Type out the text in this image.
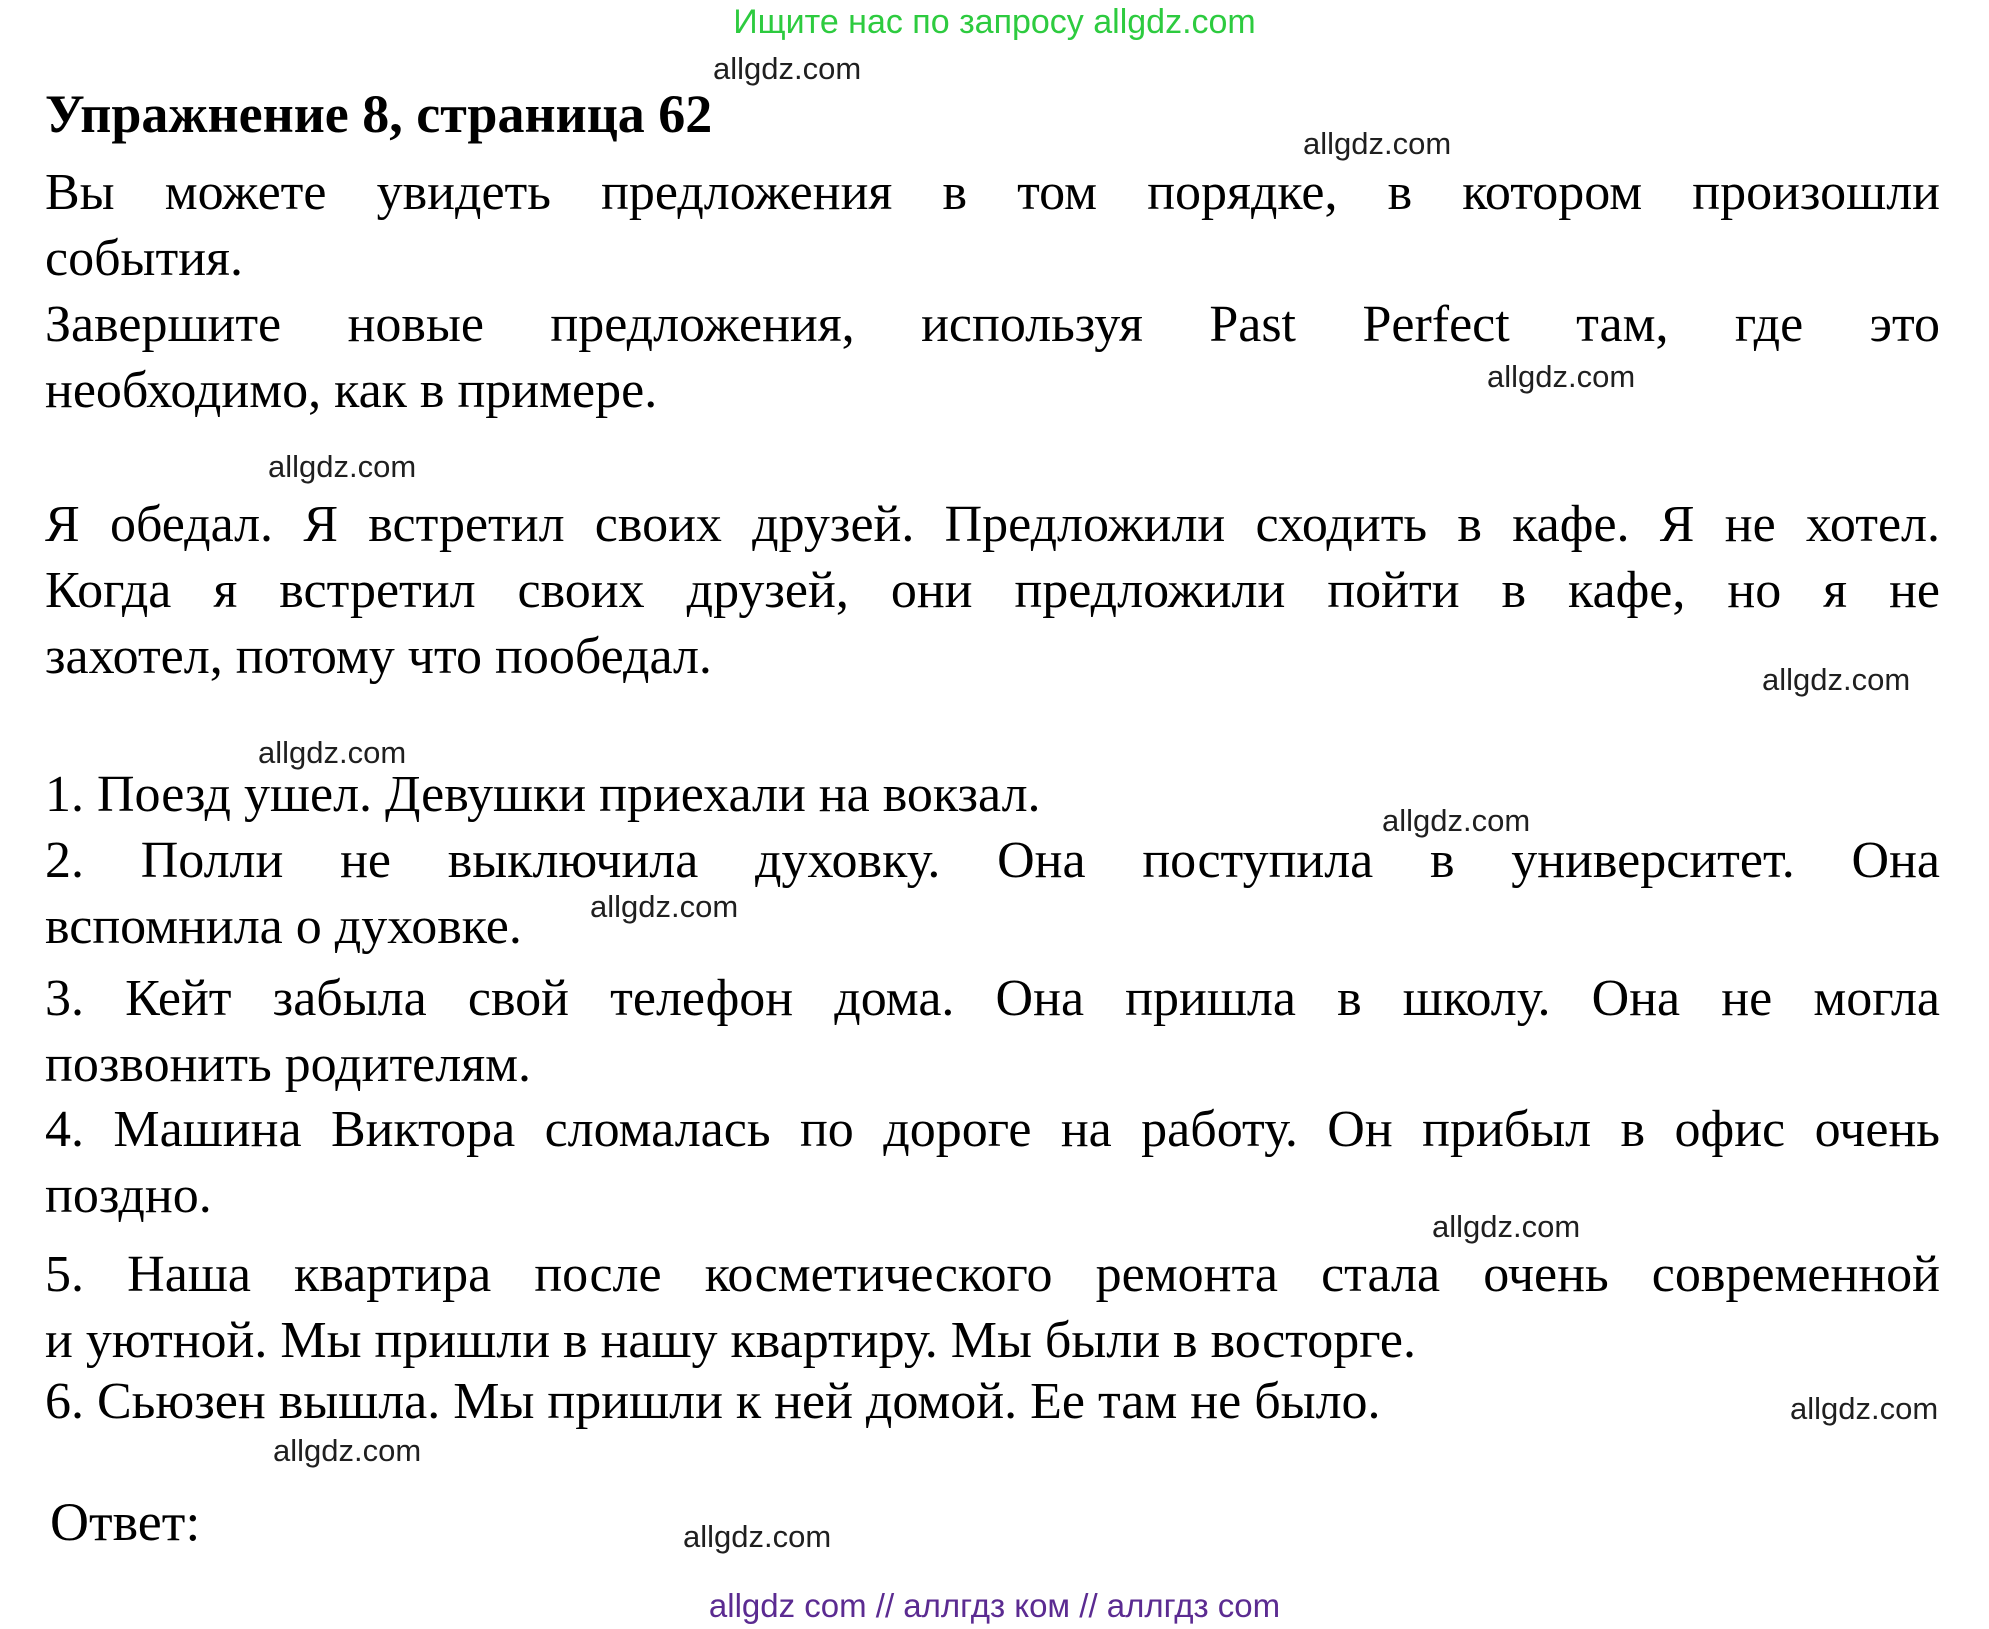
Ищите нас по запросу allgdz.com
allgdz.com
allgdz.com
allgdz.com
allgdz.com
allgdz.com
allgdz.com
allgdz.com
allgdz.com
allgdz.com
allgdz.com
allgdz.com
allgdz.com
Упражнение 8, страница 62
Вы можете увидеть предложения в том порядке, в котором произошли
события.
Завершите новые предложения, используя Past Perfect там, где это
необходимо, как в примере.
Я обедал. Я встретил своих друзей. Предложили сходить в кафе. Я не хотел.
Когда я встретил своих друзей, они предложили пойти в кафе, но я не
захотел, потому что пообедал.
1. Поезд ушел. Девушки приехали на вокзал.
2. Полли не выключила духовку. Она поступила в университет. Она
вспомнила о духовке.
3. Кейт забыла свой телефон дома. Она пришла в школу. Она не могла
позвонить родителям.
4. Машина Виктора сломалась по дороге на работу. Он прибыл в офис очень
поздно.
5. Наша квартира после косметического ремонта стала очень современной
и уютной. Мы пришли в нашу квартиру. Мы были в восторге.
6. Сьюзен вышла. Мы пришли к ней домой. Ее там не было.
Ответ:
allgdz com // аллгдз ком // аллгдз com
